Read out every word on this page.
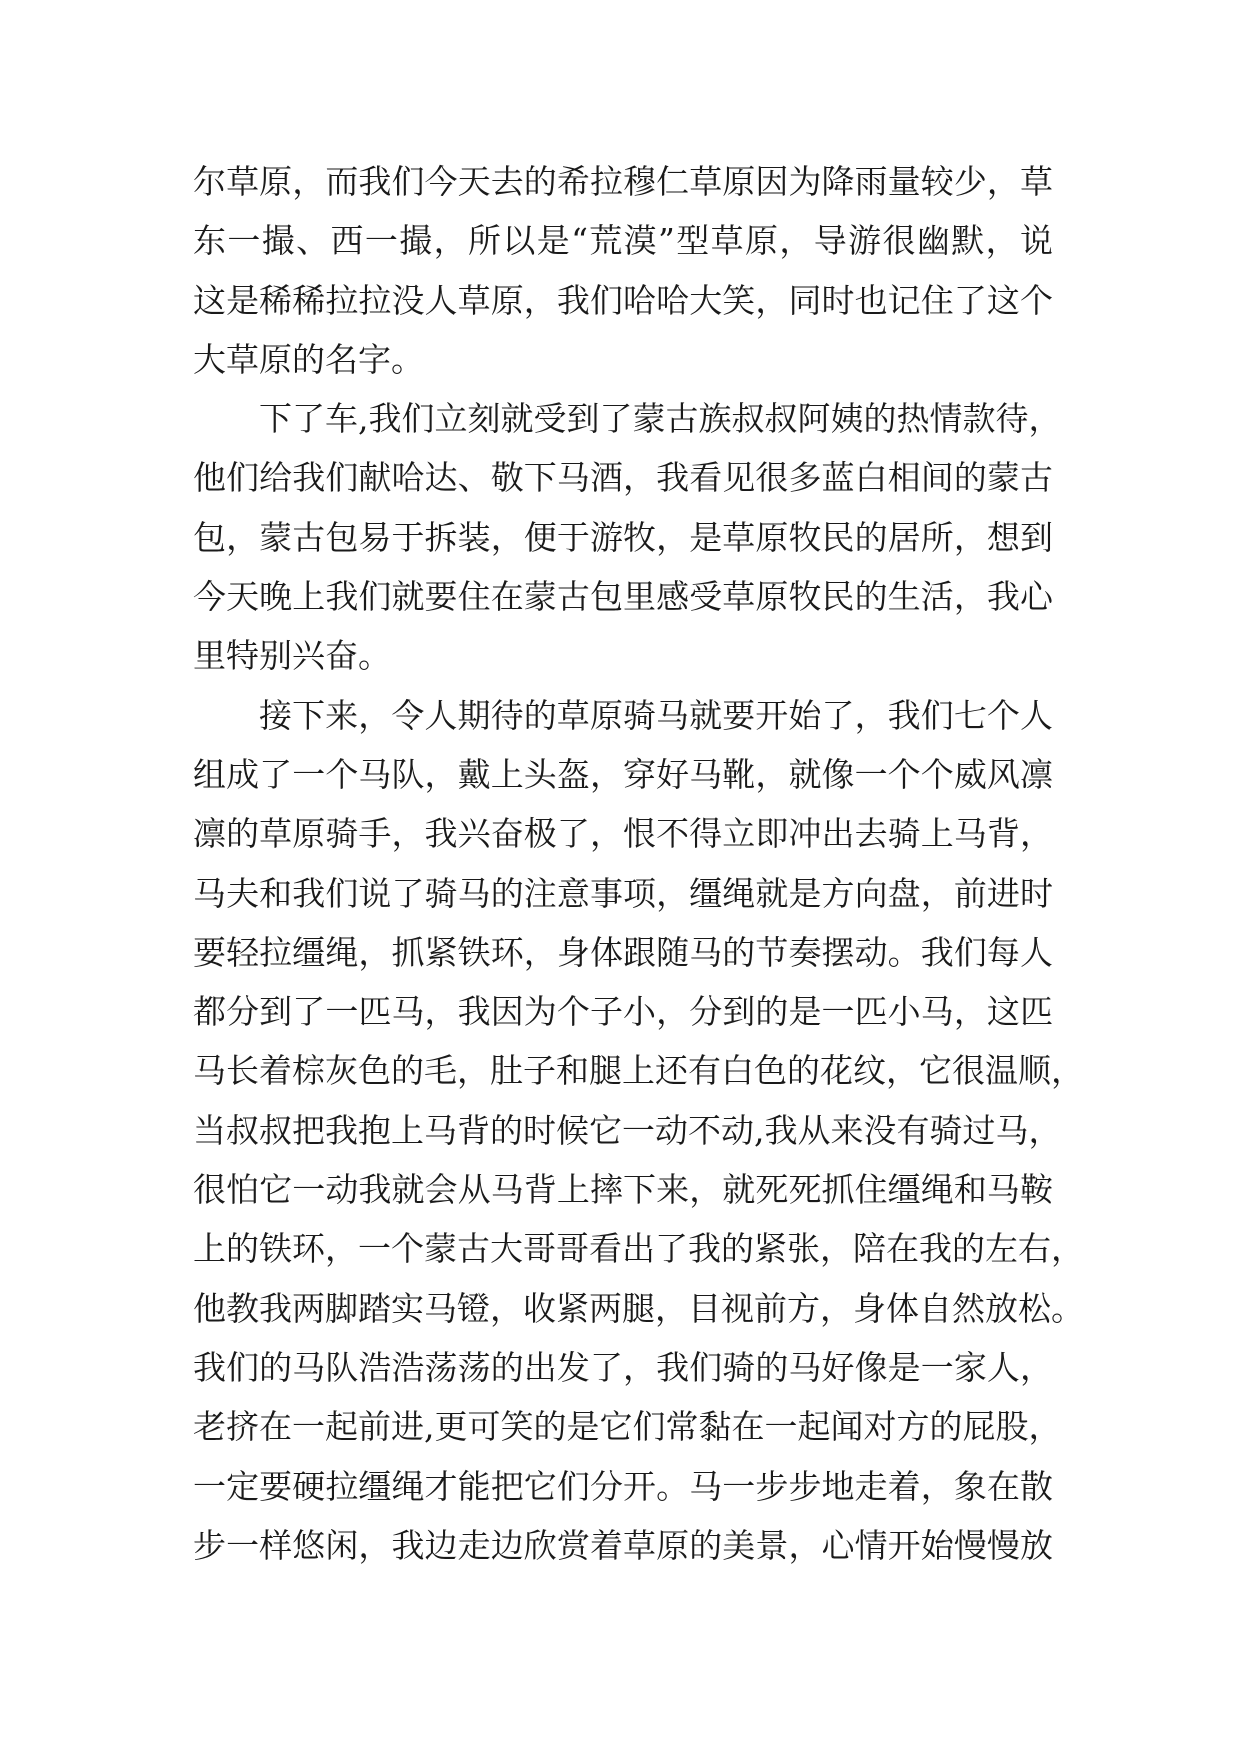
尔草原，而我们今天去的希拉穆仁草原因为降雨量较少，草
东一撮、西一撮，所以是“荒漠”型草原，导游很幽默，说
这是稀稀拉拉没人草原，我们哈哈大笑，同时也记住了这个
大草原的名字。
下了车,我们立刻就受到了蒙古族叔叔阿姨的热情款待，
他们给我们献哈达、敬下马酒，我看见很多蓝白相间的蒙古
包，蒙古包易于拆装，便于游牧，是草原牧民的居所，想到
今天晚上我们就要住在蒙古包里感受草原牧民的生活，我心
里特别兴奋。
接下来，令人期待的草原骑马就要开始了，我们七个人
组成了一个马队，戴上头盔，穿好马靴，就像一个个威风凛
凛的草原骑手，我兴奋极了，恨不得立即冲出去骑上马背，
马夫和我们说了骑马的注意事项，缰绳就是方向盘，前进时
要轻拉缰绳，抓紧铁环，身体跟随马的节奏摆动。我们每人
都分到了一匹马，我因为个子小，分到的是一匹小马，这匹
马长着棕灰色的毛，肚子和腿上还有白色的花纹，它很温顺，
当叔叔把我抱上马背的时候它一动不动,我从来没有骑过马，
很怕它一动我就会从马背上摔下来，就死死抓住缰绳和马鞍
上的铁环，一个蒙古大哥哥看出了我的紧张，陪在我的左右，
他教我两脚踏实马镫，收紧两腿，目视前方，身体自然放松。
我们的马队浩浩荡荡的出发了，我们骑的马好像是一家人，
老挤在一起前进,更可笑的是它们常黏在一起闻对方的屁股，
一定要硬拉缰绳才能把它们分开。马一步步地走着，象在散
步一样悠闲，我边走边欣赏着草原的美景，心情开始慢慢放
